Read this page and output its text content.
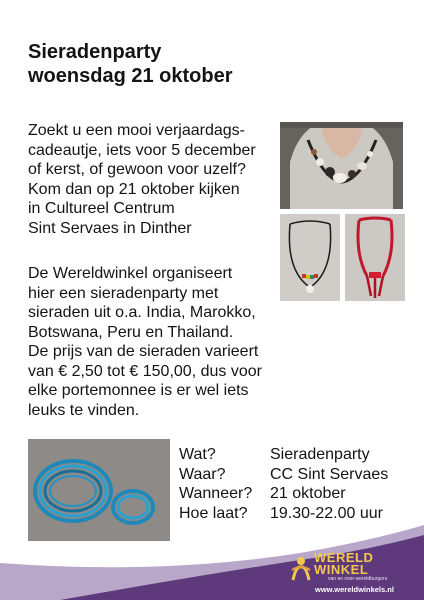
Sieradenparty
woensdag 21 oktober
Zoekt u een mooi verjaardags-
cadeautje, iets voor 5 december
of kerst, of gewoon voor uzelf?
Kom dan op 21 oktober kijken
in Cultureel Centrum
Sint Servaes in Dinther
De Wereldwinkel organiseert
hier een sieradenparty met
sieraden uit o.a. India, Marokko,
Botswana, Peru en Thailand.
De prijs van de sieraden varieert
van € 2,50 tot € 150,00, dus voor
elke portemonnee is er wel iets
leuks te vinden.
Wat?	Sieradenparty
Waar?	CC Sint Servaes
Wanneer?	21 oktober
Hoe laat?	19.30-22.00 uur
WERELD
WINKEL
van en voor wereldburgers
www.wereldwinkels.nl
